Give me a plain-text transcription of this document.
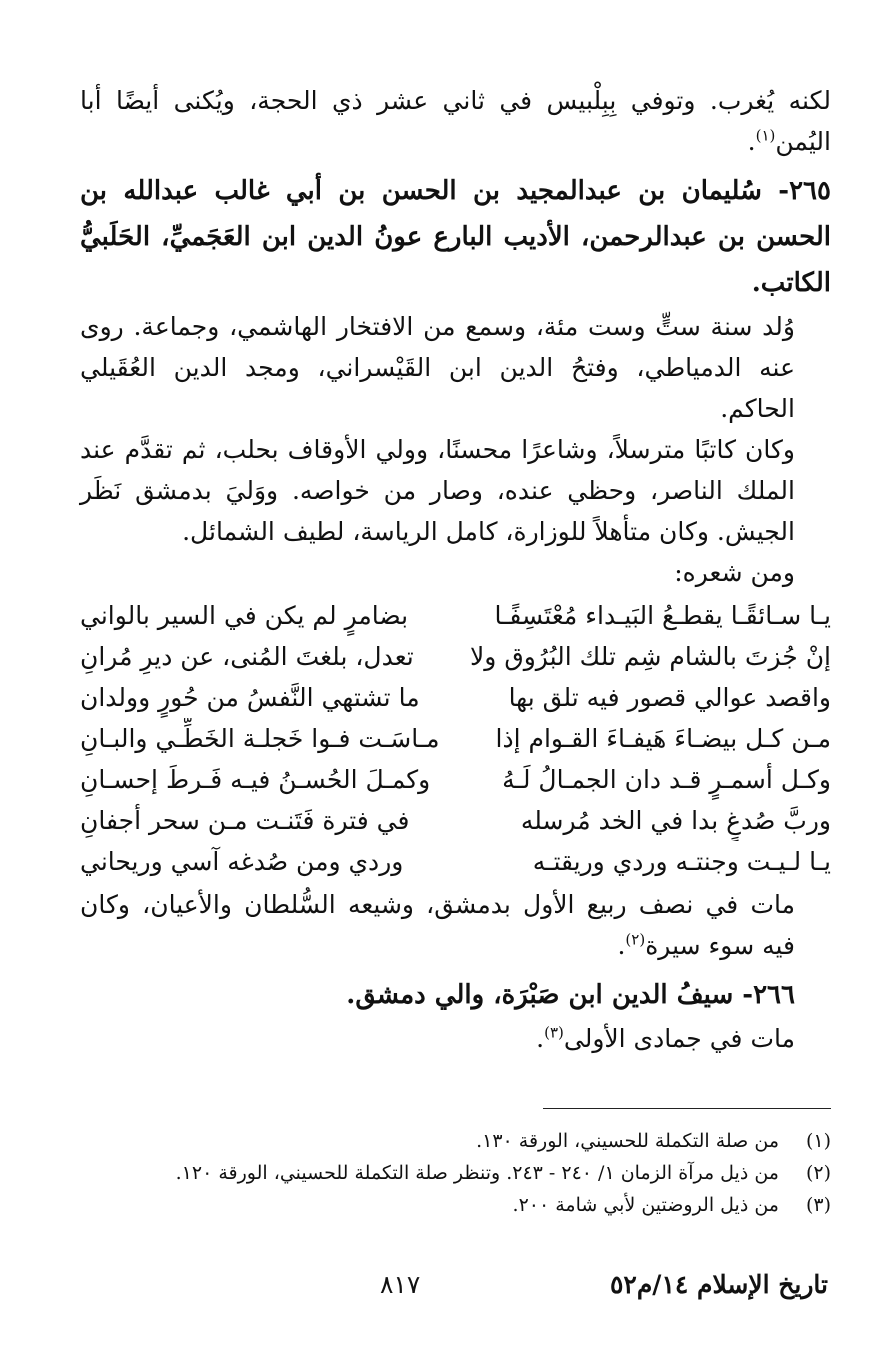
لكنه يُغرب. وتوفي بِبِلْبيس في ثاني عشر ذي الحجة، ويُكنى أيضًا أبا اليُمن$^{(١)}$.

٢٦٥- سُليمان بن عبدالمجيد بن الحسن بن أبي غالب عبدالله بن الحسن بن عبدالرحمن، الأديب البارع عونُ الدين ابن العَجَميِّ، الحَلَبيُّ الكاتب.

وُلد سنة ستٍّ وست مئة، وسمع من الافتخار الهاشمي، وجماعة. روى عنه الدمياطي، وفتحُ الدين ابن القَيْسراني، ومجد الدين العُقَيلي الحاكم.

وكان كاتبًا مترسلاً، وشاعرًا محسنًا، وولي الأوقاف بحلب، ثم تقدَّم عند الملك الناصر، وحظي عنده، وصار من خواصه. ووَليَ بدمشق نَظَر الجيش. وكان متأهلاً للوزارة، كامل الرياسة، لطيف الشمائل.

ومن شعره:

يـا سـائقًـا يقطـعُ البَيـداء مُعْتَسِفًـا
بضامرٍ لم يكن في السير بالواني
إنْ جُزتَ بالشام شِم تلك البُرُوق ولا
تعدل، بلغتَ المُنى، عن ديرِ مُرانِ
واقصد عوالي قصور فيه تلق بها
ما تشتهي النَّفسُ من حُورٍ وولدان
مـن كـل بيضـاءَ هَيفـاءَ القـوام إذا
مـاسَـت فـوا خَجلـة الخَطِّـي والبـانِ
وكـل أسمـرٍ قـد دان الجمـالُ لَـهُ
وكمـلَ الحُسـنُ فيـه فَـرطَ إحسـانِ
وربَّ صُدغٍ بدا في الخد مُرسله
في فترة فَتَنـت مـن سحر أجفانِ
يـا لـيـت وجنتـه وردي وريقتـه
وردي ومن صُدغه آسي وريحاني

مات في نصف ربيع الأول بدمشق، وشيعه السُّلطان والأعيان، وكان فيه سوء سيرة$^{(٢)}$.

٢٦٦- سيفُ الدين ابن صَبْرَة، والي دمشق.

مات في جمادى الأولى$^{(٣)}$.

(١)
من صلة التكملة للحسيني، الورقة ١٣٠.
(٢)
من ذيل مرآة الزمان ١/ ٢٤٠ - ٢٤٣. وتنظر صلة التكملة للحسيني، الورقة ١٢٠.
(٣)
من ذيل الروضتين لأبي شامة ٢٠٠.
تاريخ الإسلام ١٤/م٥٢
٨١٧
